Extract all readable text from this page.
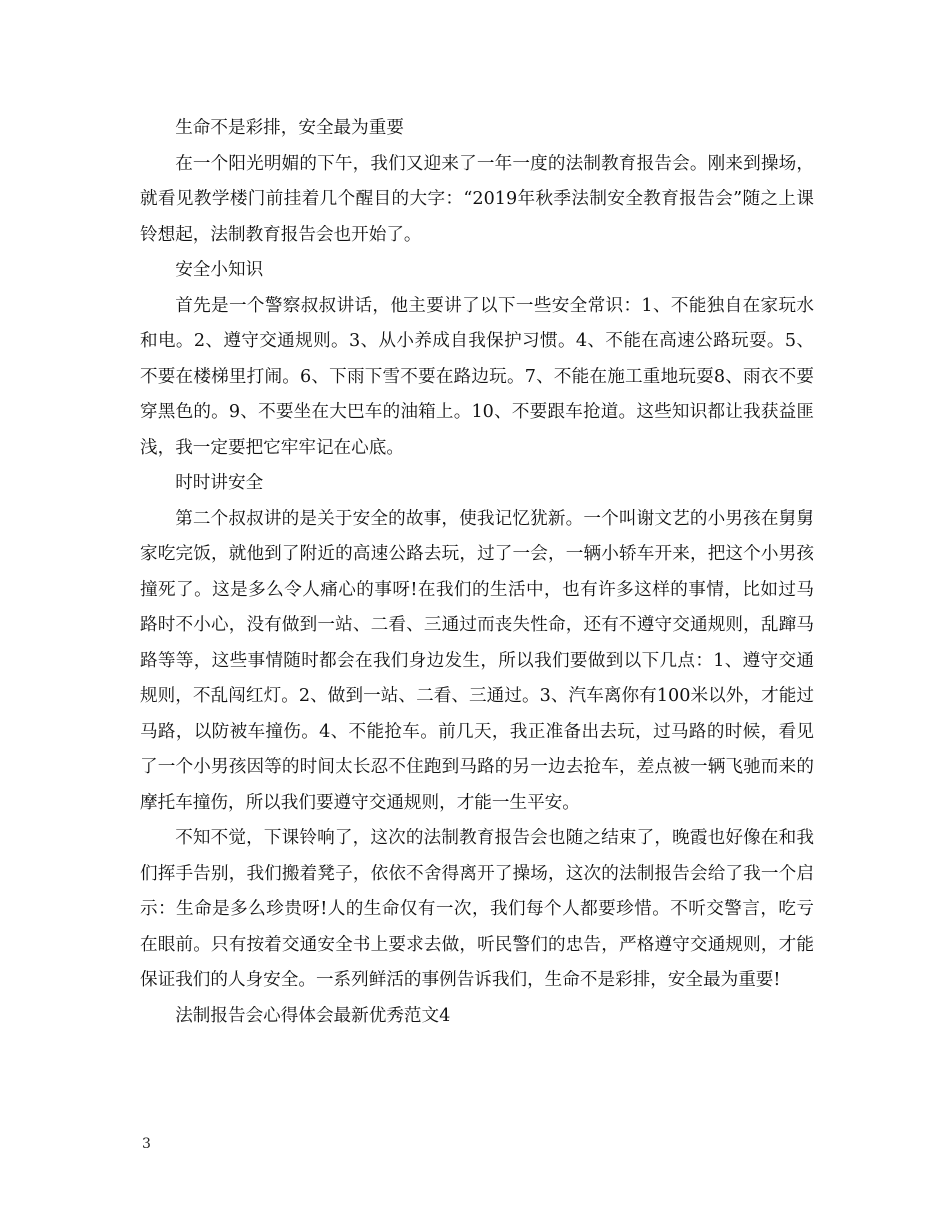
生命不是彩排，安全最为重要

在一个阳光明媚的下午，我们又迎来了一年一度的法制教育报告会。刚来到操场，就看见教学楼门前挂着几个醒目的大字：“2019年秋季法制安全教育报告会”随之上课铃想起，法制教育报告会也开始了。

安全小知识

首先是一个警察叔叔讲话，他主要讲了以下一些安全常识：1、不能独自在家玩水和电。2、遵守交通规则。3、从小养成自我保护习惯。4、不能在高速公路玩耍。5、不要在楼梯里打闹。6、下雨下雪不要在路边玩。7、不能在施工重地玩耍8、雨衣不要穿黑色的。9、不要坐在大巴车的油箱上。10、不要跟车抢道。这些知识都让我获益匪浅，我一定要把它牢牢记在心底。

时时讲安全

第二个叔叔讲的是关于安全的故事，使我记忆犹新。一个叫谢文艺的小男孩在舅舅家吃完饭，就他到了附近的高速公路去玩，过了一会，一辆小轿车开来，把这个小男孩撞死了。这是多么令人痛心的事呀!在我们的生活中，也有许多这样的事情，比如过马路时不小心，没有做到一站、二看、三通过而丧失性命，还有不遵守交通规则，乱蹿马路等等，这些事情随时都会在我们身边发生，所以我们要做到以下几点：1、遵守交通规则，不乱闯红灯。2、做到一站、二看、三通过。3、汽车离你有100米以外，才能过马路，以防被车撞伤。4、不能抢车。前几天，我正准备出去玩，过马路的时候，看见了一个小男孩因等的时间太长忍不住跑到马路的另一边去抢车，差点被一辆飞驰而来的摩托车撞伤，所以我们要遵守交通规则，才能一生平安。

不知不觉，下课铃响了，这次的法制教育报告会也随之结束了，晚霞也好像在和我们挥手告别，我们搬着凳子，依依不舍得离开了操场，这次的法制报告会给了我一个启示：生命是多么珍贵呀!人的生命仅有一次，我们每个人都要珍惜。不听交警言，吃亏在眼前。只有按着交通安全书上要求去做，听民警们的忠告，严格遵守交通规则，才能保证我们的人身安全。一系列鲜活的事例告诉我们，生命不是彩排，安全最为重要!

法制报告会心得体会最新优秀范文4

3
